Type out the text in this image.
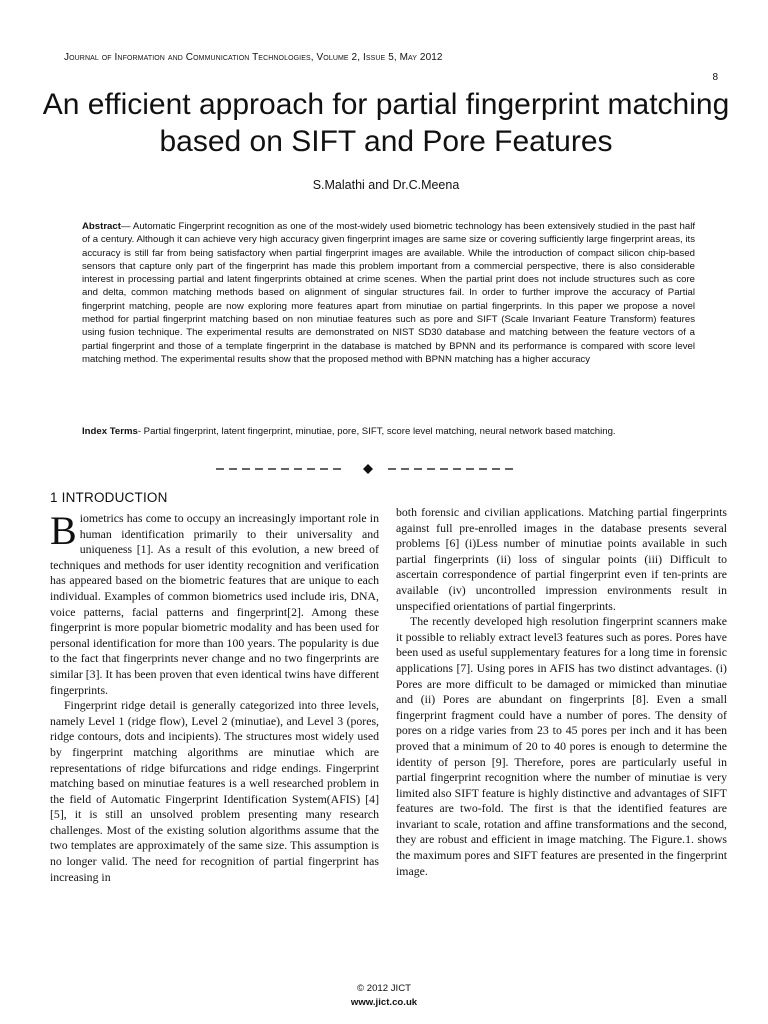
Journal of Information and Communication Technologies, Volume 2, Issue 5, May 2012
8
An efficient approach for partial fingerprint matching based on SIFT and Pore Features
S.Malathi and Dr.C.Meena

Abstract— Automatic Fingerprint recognition as one of the most-widely used biometric technology has been extensively studied in the past half of a century. Although it can achieve very high accuracy given fingerprint images are same size or covering sufficiently large fingerprint areas, its accuracy is still far from being satisfactory when partial fingerprint images are available. While the introduction of compact silicon chip-based sensors that capture only part of the fingerprint has made this problem important from a commercial perspective, there is also considerable interest in processing partial and latent fingerprints obtained at crime scenes. When the partial print does not include structures such as core and delta, common matching methods based on alignment of singular structures fail. In order to further improve the accuracy of Partial fingerprint matching, people are now exploring more features apart from minutiae on partial fingerprints. In this paper we propose a novel method for partial fingerprint matching based on non minutiae features such as pore and SIFT (Scale Invariant Feature Transform) features using fusion technique. The experimental results are demonstrated on NIST SD30 database and matching between the feature vectors of a partial fingerprint and those of a template fingerprint in the database is matched by BPNN and its performance is compared with score level matching method. The experimental results show that the proposed method with BPNN matching has a higher accuracy

Index Terms- Partial fingerprint, latent fingerprint, minutiae, pore, SIFT, score level matching, neural network based matching.

1 INTRODUCTION

Biometrics has come to occupy an increasingly important role in human identification primarily to their universality and uniqueness [1]. As a result of this evolution, a new breed of techniques and methods for user identity recognition and verification has appeared based on the biometric features that are unique to each individual. Examples of common biometrics used include iris, DNA, voice patterns, facial patterns and fingerprint[2]. Among these fingerprint is more popular biometric modality and has been used for personal identification for more than 100 years. The popularity is due to the fact that fingerprints never change and no two fingerprints are similar [3]. It has been proven that even identical twins have different fingerprints.

Fingerprint ridge detail is generally categorized into three levels, namely Level 1 (ridge flow), Level 2 (minutiae), and Level 3 (pores, ridge contours, dots and incipients). The structures most widely used by fingerprint matching algorithms are minutiae which are representations of ridge bifurcations and ridge endings. Fingerprint matching based on minutiae features is a well researched problem in the field of Automatic Fingerprint Identification System(AFIS) [4][5], it is still an unsolved problem presenting many research challenges. Most of the existing solution algorithms assume that the two templates are approximately of the same size. This assumption is no longer valid. The need for recognition of partial fingerprint has increasing in

both forensic and civilian applications. Matching partial fingerprints against full pre-enrolled images in the database presents several problems [6] (i)Less number of minutiae points available in such partial fingerprints (ii) loss of singular points (iii) Difficult to ascertain correspondence of partial fingerprint even if ten-prints are available (iv) uncontrolled impression environments result in unspecified orientations of partial fingerprints.

The recently developed high resolution fingerprint scanners make it possible to reliably extract level3 features such as pores. Pores have been used as useful supplementary features for a long time in forensic applications [7]. Using pores in AFIS has two distinct advantages. (i) Pores are more difficult to be damaged or mimicked than minutiae and (ii) Pores are abundant on fingerprints [8]. Even a small fingerprint fragment could have a number of pores. The density of pores on a ridge varies from 23 to 45 pores per inch and it has been proved that a minimum of 20 to 40 pores is enough to determine the identity of person [9]. Therefore, pores are particularly useful in partial fingerprint recognition where the number of minutiae is very limited also SIFT feature is highly distinctive and advantages of SIFT features are two-fold. The first is that the identified features are invariant to scale, rotation and affine transformations and the second, they are robust and efficient in image matching. The Figure.1. shows the maximum pores and SIFT features are presented in the fingerprint image.

© 2012 JICT
www.jict.co.uk
